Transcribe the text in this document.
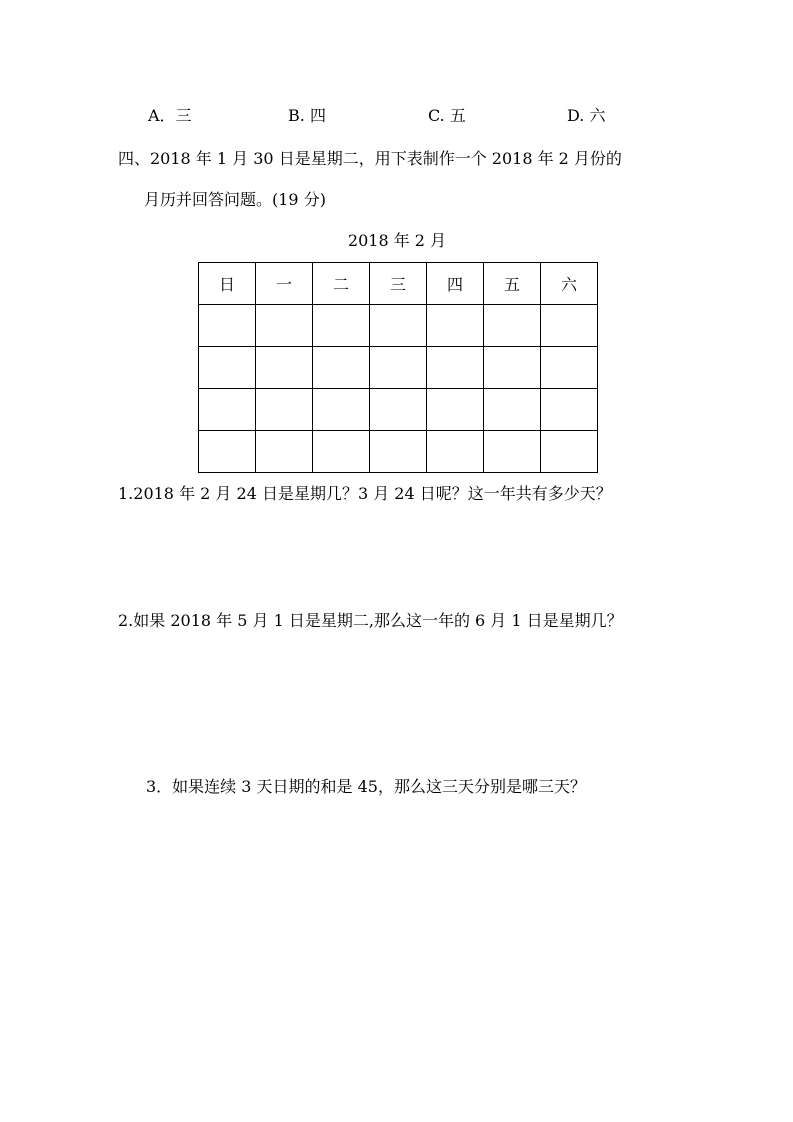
A．三	B. 四	C. 五	D. 六
四、2018 年 1 月 30 日是星期二，用下表制作一个 2018 年 2 月份的
月历并回答问题。(19 分)
2018 年 2 月
日	一	二	三	四	五	六

1.2018 年 2 月 24 日是星期几？3 月 24 日呢？这一年共有多少天？
2.如果 2018 年 5 月 1 日是星期二,那么这一年的 6 月 1 日是星期几？
3．如果连续 3 天日期的和是 45，那么这三天分别是哪三天？
